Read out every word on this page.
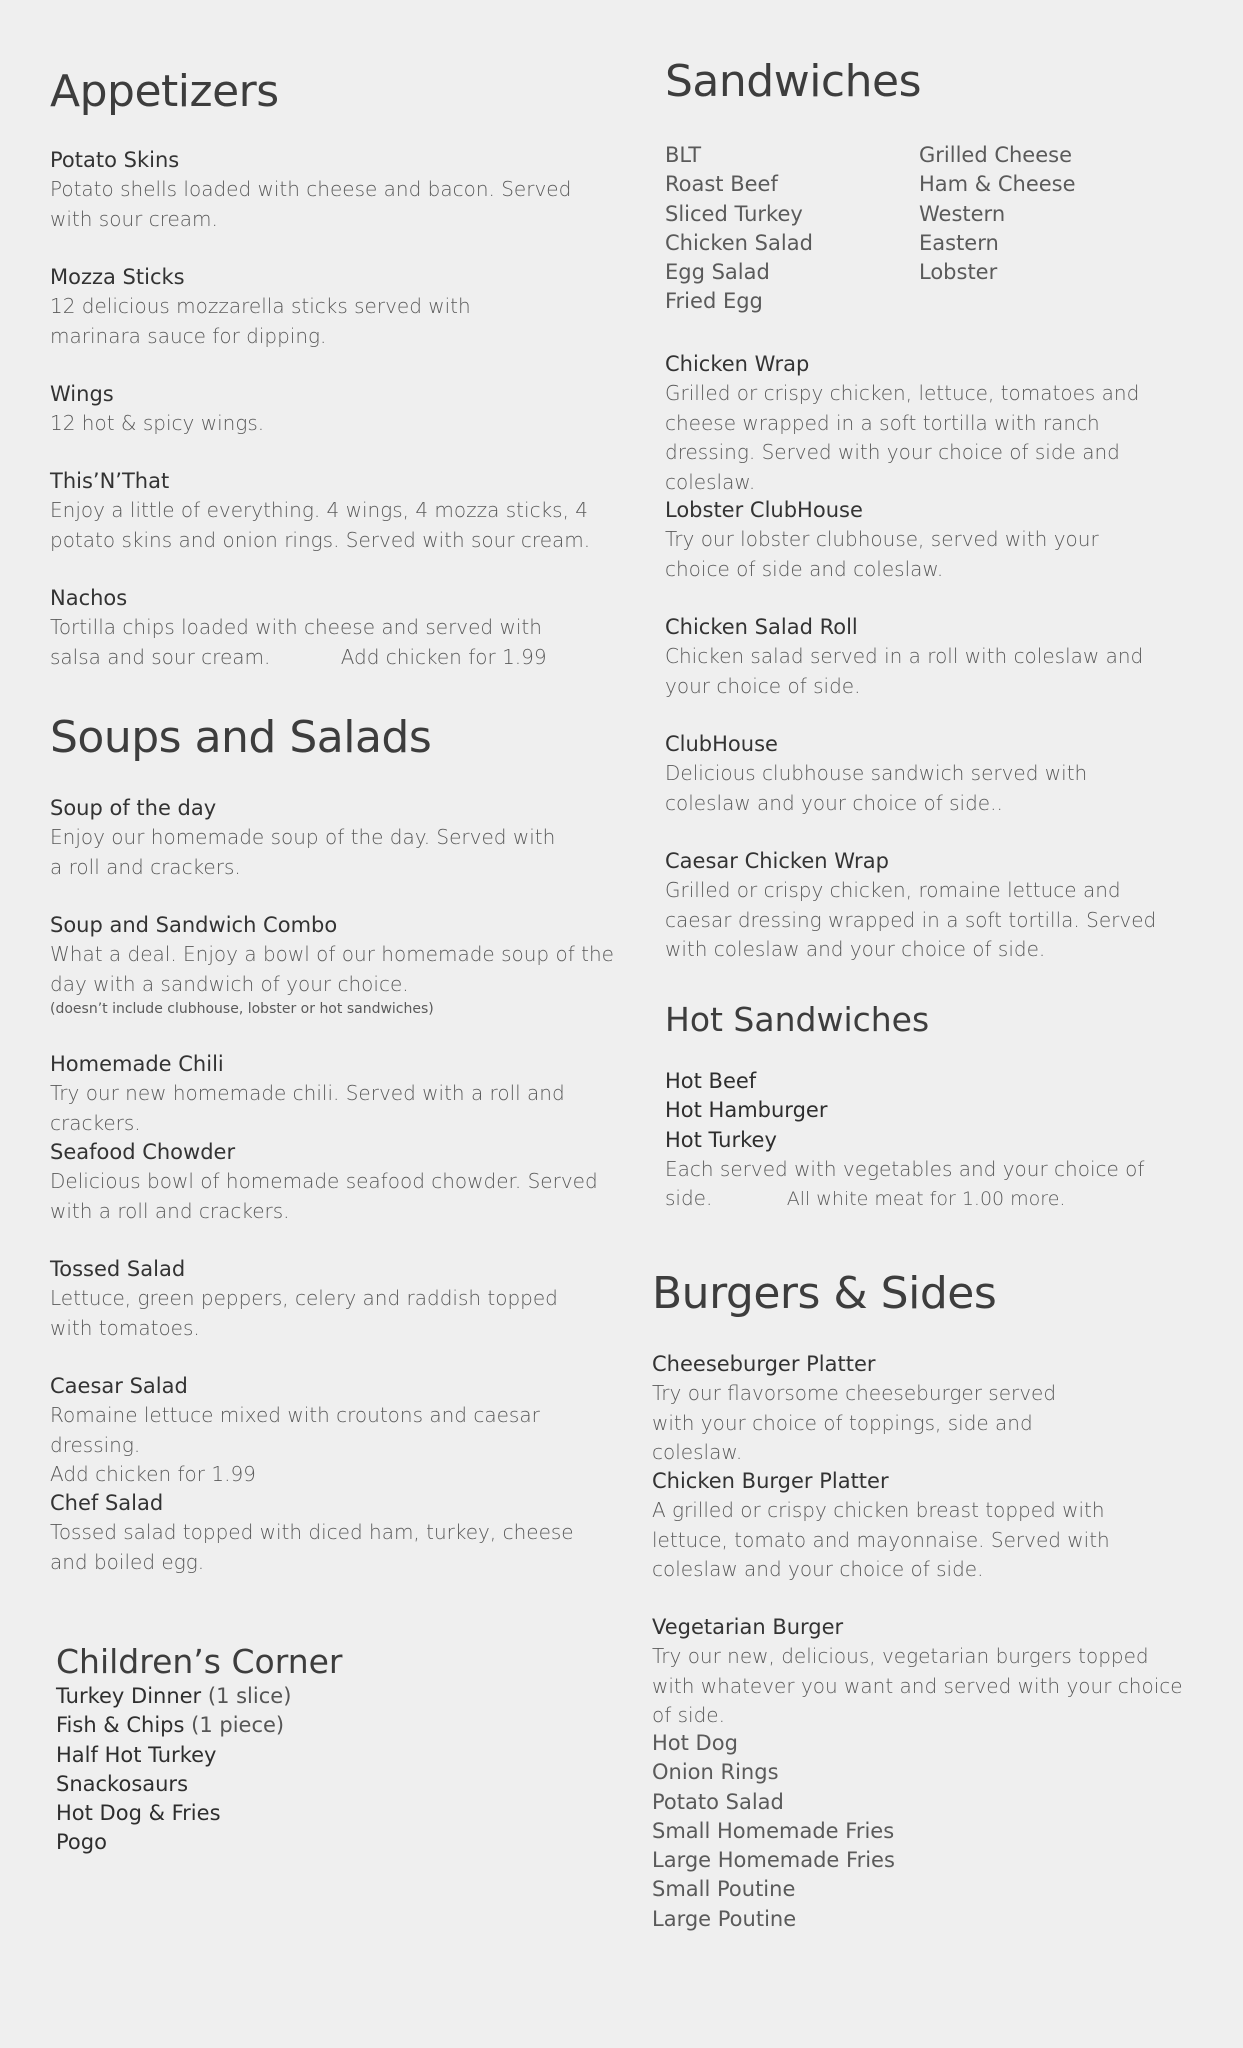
Appetizers
Potato Skins
Potato shells loaded with cheese and bacon. Served with sour cream.
Mozza Sticks
12 delicious mozzarella sticks served with marinara sauce for dipping.
Wings
12 hot & spicy wings.
This’N’That
Enjoy a little of everything. 4 wings, 4 mozza sticks, 4 potato skins and onion rings. Served with sour cream.
Nachos
Tortilla chips loaded with cheese and served with salsa and sour cream.	Add chicken for 1.99
Soups and Salads
Soup of the day
Enjoy our homemade soup of the day. Served with a roll and crackers.
Soup and Sandwich Combo
What a deal. Enjoy a bowl of our homemade soup of the day with a sandwich of your choice.
(doesn’t include clubhouse, lobster or hot sandwiches)
Homemade Chili
Try our new homemade chili. Served with a roll and crackers.
Seafood Chowder
Delicious bowl of homemade seafood chowder. Served with a roll and crackers.
Tossed Salad
Lettuce, green peppers, celery and raddish topped with tomatoes.
Caesar Salad
Romaine lettuce mixed with croutons and caesar dressing.
Add chicken for 1.99
Chef Salad
Tossed salad topped with diced ham, turkey, cheese and boiled egg.
Children’s Corner
Turkey Dinner (1 slice)
Fish & Chips (1 piece)
Half Hot Turkey
Snackosaurs
Hot Dog & Fries
Pogo
Sandwiches
BLT
Roast Beef
Sliced Turkey
Chicken Salad
Egg Salad
Fried Egg
Grilled Cheese
Ham & Cheese
Western
Eastern
Lobster
Chicken Wrap
Grilled or crispy chicken, lettuce, tomatoes and cheese wrapped in a soft tortilla with ranch dressing. Served with your choice of side and coleslaw.
Lobster ClubHouse
Try our lobster clubhouse, served with your choice of side and coleslaw.
Chicken Salad Roll
Chicken salad served in a roll with coleslaw and your choice of side.
ClubHouse
Delicious clubhouse sandwich served with coleslaw and your choice of side..
Caesar Chicken Wrap
Grilled or crispy chicken, romaine lettuce and caesar dressing wrapped in a soft tortilla. Served with coleslaw and your choice of side.
Hot Sandwiches
Hot Beef
Hot Hamburger
Hot Turkey
Each served with vegetables and your choice of
side.	All white meat for 1.00 more.
Burgers & Sides
Cheeseburger Platter
Try our flavorsome cheeseburger served with your choice of toppings, side and coleslaw.
Chicken Burger Platter
A grilled or crispy chicken breast topped with lettuce, tomato and mayonnaise. Served with coleslaw and your choice of side.
Vegetarian Burger
Try our new, delicious, vegetarian burgers topped with whatever you want and served with your choice of side.
Hot Dog
Onion Rings
Potato Salad
Small Homemade Fries
Large Homemade Fries
Small Poutine
Large Poutine
